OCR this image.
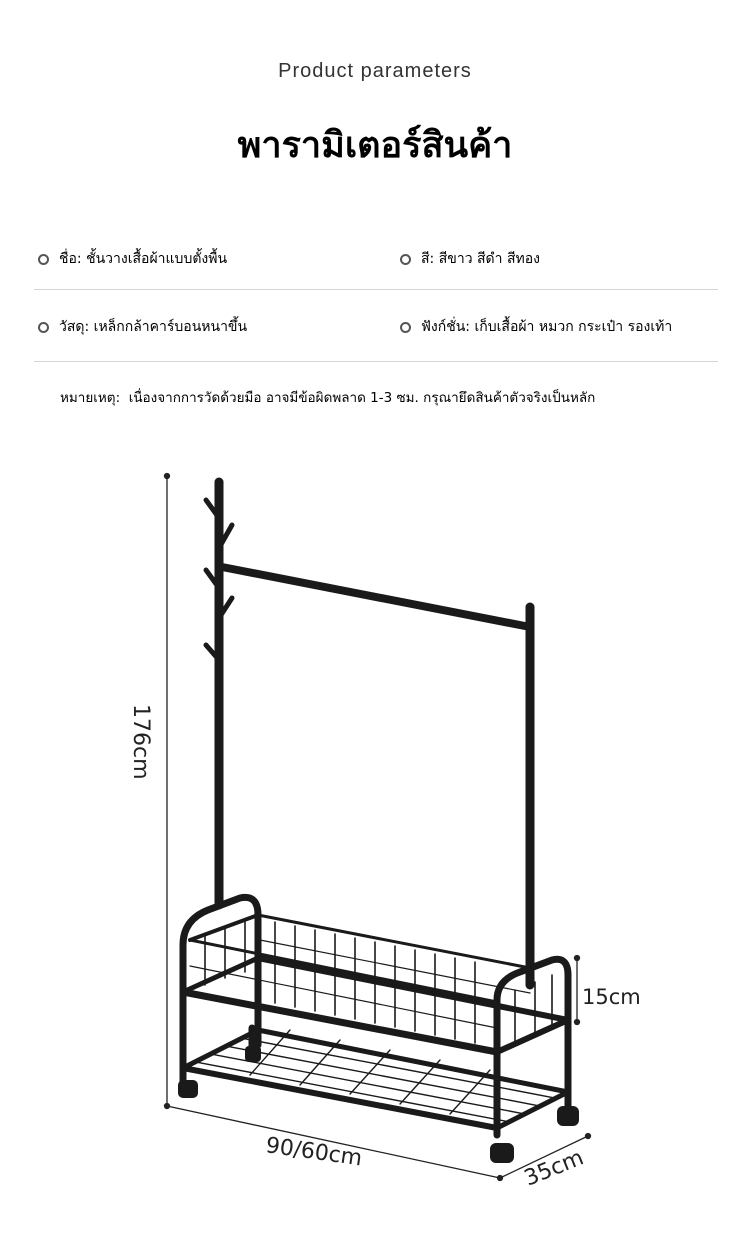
Product parameters
พารามิเตอร์สินค้า
ชื่อ : ชั้นวางเสื้อผ้าแบบตั้งพื้น	สี : สีขาว สีดำ สีทอง
วัสดุ : เหล็กกล้าคาร์บอนหนาขึ้น	ฟังก์ชั่น : เก็บเสื้อผ้า หมวก กระเป๋า รองเท้า
หมายเหตุ:  เนื่องจากการวัดด้วยมือ อาจมีข้อผิดพลาด 1-3 ซม. กรุณายึดสินค้าตัวจริงเป็นหลัก
176cm
90/60cm	35cm
15cm
